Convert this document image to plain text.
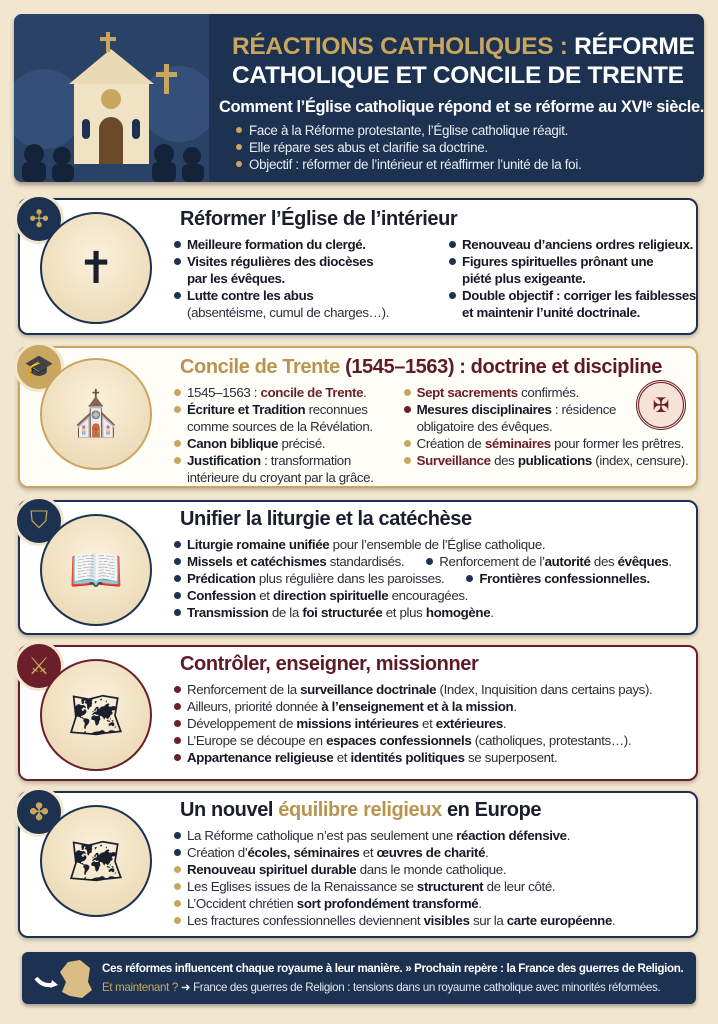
RÉACTIONS CATHOLIQUES : RÉFORME CATHOLIQUE ET CONCILE DE TRENTE
Comment l’Église catholique répond et se réforme au XVIᵉ siècle.
Face à la Réforme protestante, l’Église catholique réagit.
Elle répare ses abus et clarifie sa doctrine.
Objectif : réformer de l’intérieur et réaffirmer l’unité de la foi.
✣
✝
Réformer l’Église de l’intérieur
Meilleure formation du clergé.
Visites régulières des diocèses
par les évêques.
Lutte contre les abus
(absentéisme, cumul de charges…).
Renouveau d’anciens ordres religieux.
Figures spirituelles prônant une
piété plus exigeante.
Double objectif : corriger les faiblesses
et maintenir l’unité doctrinale.
🎓
⛪
Concile de Trente (1545–1563) : doctrine et discipline
1545–1563 : concile de Trente.
Écriture et Tradition reconnues
comme sources de la Révélation.
Canon biblique précisé.
Justification : transformation
intérieure du croyant par la grâce.
Sept sacrements confirmés.
Mesures disciplinaires : résidence
obligatoire des évêques.
Création de séminaires pour former les prêtres.
Surveillance des publications (index, censure).
✠
⛉
📖
Unifier la liturgie et la catéchèse
Liturgie romaine unifiée pour l’ensemble de l’Église catholique.
Missels et catéchismes standardisés.	Renforcement de l’autorité des évêques.
Prédication plus régulière dans les paroisses.	Frontières confessionnelles.
Confession et direction spirituelle encouragées.
Transmission de la foi structurée et plus homogène.
⚔
🗺
Contrôler, enseigner, missionner
Renforcement de la surveillance doctrinale (Index, Inquisition dans certains pays).
Ailleurs, priorité donnée à l’enseignement et à la mission.
Développement de missions intérieures et extérieures.
L’Europe se découpe en espaces confessionnels (catholiques, protestants…).
Appartenance religieuse et identités politiques se superposent.
✤
🗺
Un nouvel équilibre religieux en Europe
La Réforme catholique n’est pas seulement une réaction défensive.
Création d’écoles, séminaires et œuvres de charité.
Renouveau spirituel durable dans le monde catholique.
Les Eglises issues de la Renaissance se structurent de leur côté.
L’Occident chrétien sort profondément transformé.
Les fractures confessionnelles deviennent visibles sur la carte européenne.
Ces réformes influencent chaque royaume à leur manière. » Prochain repère : la France des guerres de Religion.
Et maintenant ? ➜ France des guerres de Religion : tensions dans un royaume catholique avec minorités réformées.
